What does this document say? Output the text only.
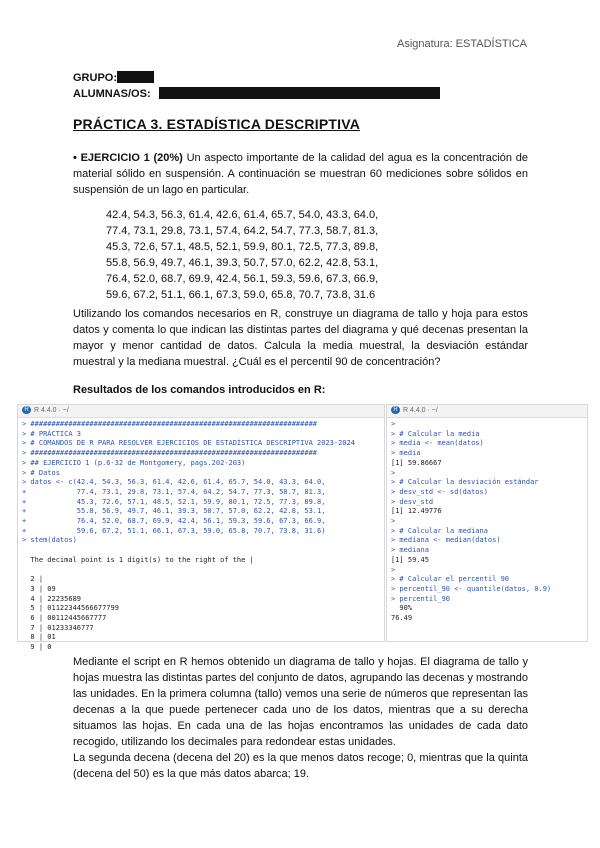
Asignatura: ESTADÍSTICA
GRUPO:
ALUMNAS/OS:
PRÁCTICA 3. ESTADÍSTICA DESCRIPTIVA
• EJERCICIO 1 (20%) Un aspecto importante de la calidad del agua es la concentración de material sólido en suspensión. A continuación se muestran 60 mediciones sobre sólidos en suspensión de un lago en particular.
42.4, 54.3, 56.3, 61.4, 42.6, 61.4, 65.7, 54.0, 43.3, 64.0,
77.4, 73.1, 29.8, 73.1, 57.4, 64.2, 54.7, 77.3, 58.7, 81.3,
45.3, 72.6, 57.1, 48.5, 52.1, 59.9, 80.1, 72.5, 77.3, 89.8,
55.8, 56.9, 49.7, 46.1, 39.3, 50.7, 57.0, 62.2, 42.8, 53.1,
76.4, 52.0, 68.7, 69.9, 42.4, 56.1, 59.3, 59.6, 67.3, 66.9,
59.6, 67.2, 51.1, 66.1, 67.3, 59.0, 65.8, 70.7, 73.8, 31.6
Utilizando los comandos necesarios en R, construye un diagrama de tallo y hoja para estos datos y comenta lo que indican las distintas partes del diagrama y qué decenas presentan la mayor y menor cantidad de datos. Calcula la media muestral, la desviación estándar muestral y la mediana muestral. ¿Cuál es el percentil 90 de concentración?
Resultados de los comandos introducidos en R:
R R 4.4.0 · ~/
> ####################################################################
> # PRÁCTICA 3
> # COMANDOS DE R PARA RESOLVER EJERCICIOS DE ESTADÍSTICA DESCRIPTIVA 2023-2024
> ####################################################################
> ## EJERCICIO 1 (p.6-32 de Montgomery, pags.202-203)
> # Datos
> datos <- c(42.4, 54.3, 56.3, 61.4, 42.6, 61.4, 65.7, 54.0, 43.3, 64.0,
+            77.4, 73.1, 29.8, 73.1, 57.4, 64.2, 54.7, 77.3, 58.7, 81.3,
+            45.3, 72.6, 57.1, 48.5, 52.1, 59.9, 80.1, 72.5, 77.3, 89.8,
+            55.8, 56.9, 49.7, 46.1, 39.3, 50.7, 57.0, 62.2, 42.8, 53.1,
+            76.4, 52.0, 68.7, 69.9, 42.4, 56.1, 59.3, 59.6, 67.3, 66.9,
+            59.6, 67.2, 51.1, 66.1, 67.3, 59.0, 65.8, 70.7, 73.8, 31.6)
> stem(datos)

The decimal point is 1 digit(s) to the right of the |

2 |
3 | 09
4 | 22235689
5 | 01122344566677799
6 | 00112445667777
7 | 01233346777
8 | 01
9 | 0
R R 4.4.0 · ~/
>
> # Calcular la media
> media <- mean(datos)
> media
[1] 59.86667
>
> # Calcular la desviación estándar
> desv_std <- sd(datos)
> desv_std
[1] 12.49776
>
> # Calcular la mediana
> mediana <- median(datos)
> mediana
[1] 59.45
>
> # Calcular el percentil 90
> percentil_90 <- quantile(datos, 0.9)
> percentil_90
90%
76.49
Mediante el script en R hemos obtenido un diagrama de tallo y hojas. El diagrama de tallo y hojas muestra las distintas partes del conjunto de datos, agrupando las decenas y mostrando las unidades. En la primera columna (tallo) vemos una serie de números que representan las decenas a la que puede pertenecer cada uno de los datos, mientras que a su derecha situamos las hojas. En cada una de las hojas encontramos las unidades de cada dato recogido, utilizando los decimales para redondear estas unidades.
La segunda decena (decena del 20) es la que menos datos recoge; 0, mientras que la quinta (decena del 50) es la que más datos abarca; 19.
